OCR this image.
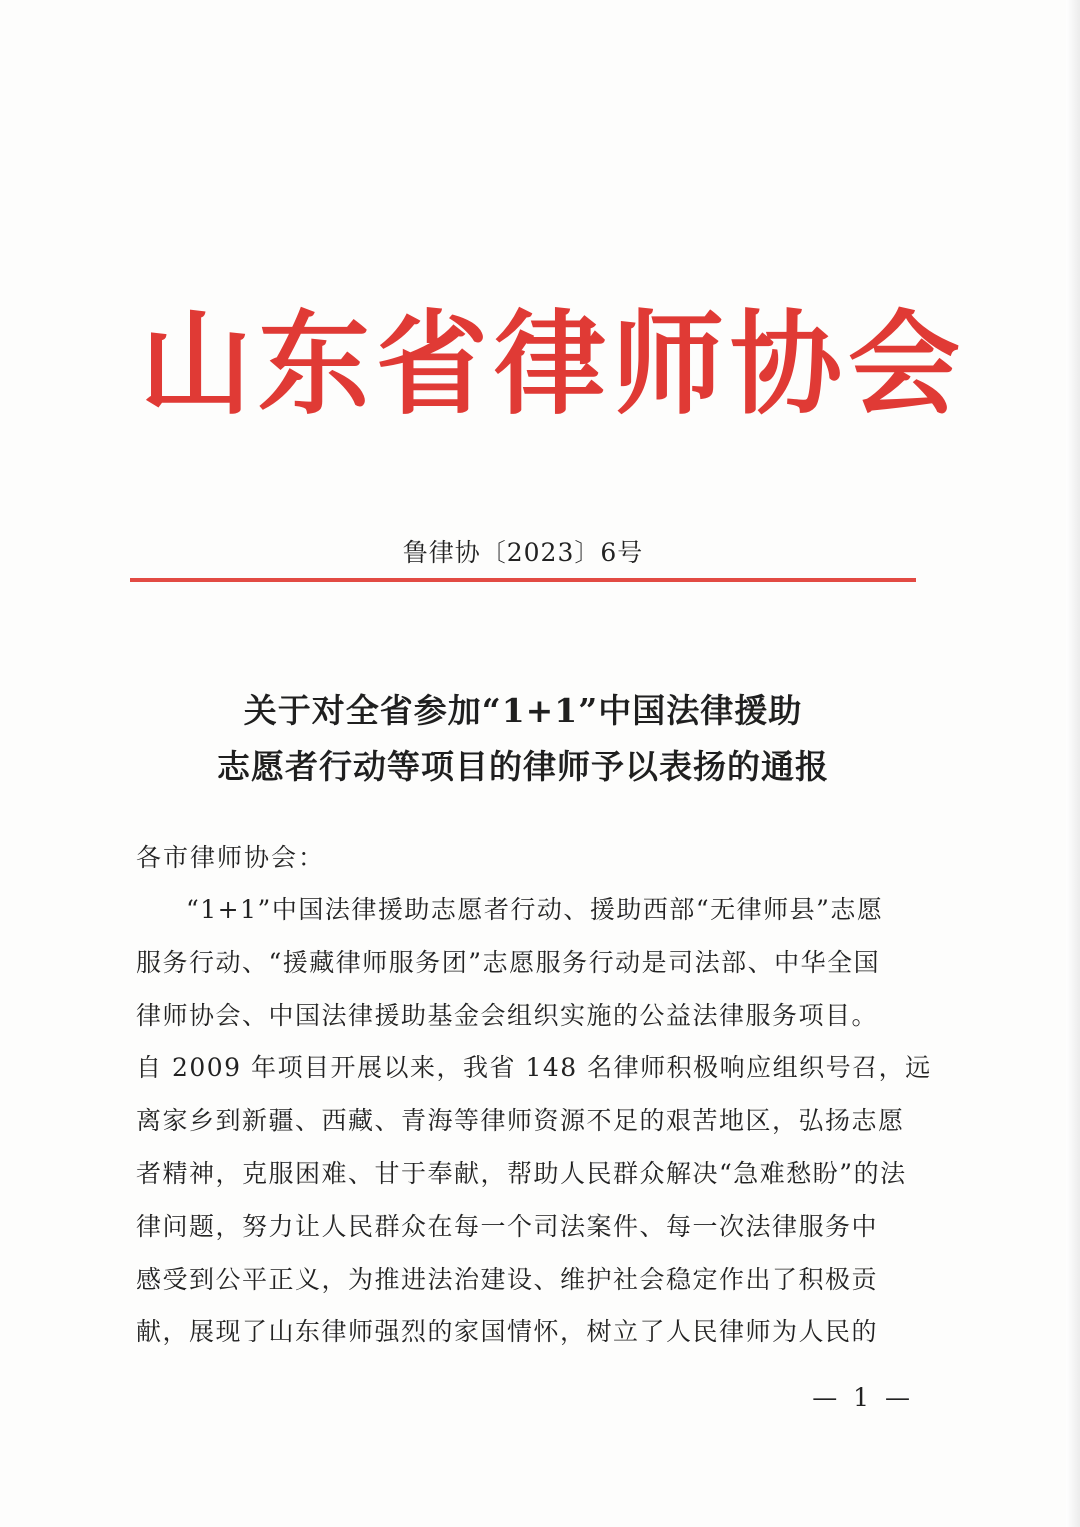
山东省律师协会
鲁律协〔2023〕6号
关于对全省参加“1+1”中国法律援助
志愿者行动等项目的律师予以表扬的通报
各市律师协会：
“1+1”中国法律援助志愿者行动、援助西部“无律师县”志愿
服务行动、“援藏律师服务团”志愿服务行动是司法部、中华全国
律师协会、中国法律援助基金会组织实施的公益法律服务项目。
自 2009 年项目开展以来，我省 148 名律师积极响应组织号召，远
离家乡到新疆、西藏、青海等律师资源不足的艰苦地区，弘扬志愿
者精神，克服困难、甘于奉献，帮助人民群众解决“急难愁盼”的法
律问题，努力让人民群众在每一个司法案件、每一次法律服务中
感受到公平正义，为推进法治建设、维护社会稳定作出了积极贡
献，展现了山东律师强烈的家国情怀，树立了人民律师为人民的
— 1 —
